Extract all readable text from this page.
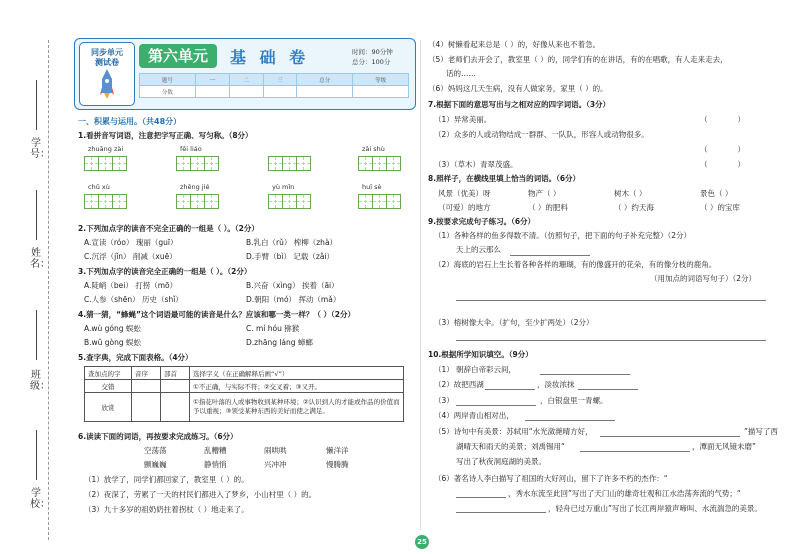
学号：
姓名：
班级：
学校：
同步单元
测试卷	第六单元	基 础 卷	时间：90分钟
总分：100分
题号	一	二	三	总分	等级
分数					
一、积累与运用。（共48分）
1.看拼音写词语，注意把字写正确、写匀称。（8分）
zhuāng zài	fēi liáo	zāi shù
chǔ xù	zhēng jié	yù mǐn	huī sè
2.下列加点字的读音不完全正确的一组是（ ）。（2分）
A.宣读（róo） 瑰丽（guī）	B.乳白（rǔ） 榨柳（zhà）
C.沉浮（jǐn） 削减（xuē）	D.手臂（bì） 记载（zǎi）
3.下列加点字的读音完全正确的一组是（ ）。（2分）
A.陡峭（bei） 打捞（mō）	B.兴奋（xìng） 挨着（āi）
C.人参（shēn） 历史（shǐ）	D.朝阳（mó） 挥动（mǎ）
4.猜一猜，“蜂蝇”这个词语最可能的读音是什么？应该和哪一类一样？（ ）（2分）
A.wù góng 蜈蚣	C. mí hóu 猕猴
B.wǔ gòng 蜈蚣	D.zhāng láng 蟑螂
5.查字典，完成下面表格。（4分）
查加点的字	音序	部首	选择字义（在正确解释后画“√”）
交错			①不正确，与实际不符；②交叉着；③又开。
欣赏			①指花叶落的人或事物收到某种环境；②认识到人的才能或作品的价值而予以重视；③领受某种东西的美好而使之满足。
6.读读下面的词语，再按要求完成练习。（6分）
空荡荡	乱糟糟	闹哄哄	懒洋洋
颤巍巍	静悄悄	兴冲冲	慢腾腾
（1）放学了，同学们都回家了，教室里（ ）的。
（2）夜深了，劳累了一天的村民们都进入了梦乡，小山村里（ ）的。
（3）九十多岁的祖奶奶拄着拐杖（ ）地走来了。
25
（4）树懒看起来总是（ ）的，好像从来也不着急。
（5）老师们去开会了，教室里（ ）的，同学们有的在讲话，有的在唱歌，有人走来走去，
话的……
（6）妈妈这几天生病，没有人做家务，家里（ ）的。
7.根据下面的意思写出与之相对应的四字词语。（3分）
（1）异常美丽。	（　　　　）
（2）众多的人或动物结成一群群、一队队，形容人或动物很多。
（　　　　）
（3）（草木）青翠茂盛。	（　　　　）
8.照样子，在横线里填上恰当的词语。（6分）
风景（优美）呀	物产（ ）	树木（ ）	景色（ ）
（可爱）的地方	（ ）的肥料	（ ）约天海	（ ）的宝库
9.按要求完成句子练习。（6分）
（1）各种各样的鱼多得数不清。（仿照句子，把下面的句子补充完整）（2分）
天上的云那么
（2）海底的岩石上生长着各种各样的珊瑚，有的像盛开的花朵，有的像分枝的鹿角。
（用加点的词语写句子）（2分）
（3）榕树像大伞。（扩句，至少扩两处）（2分）
10.根据所学知识填空。（9分）
（1） 朝辞白帝彩云间，
（2）故把西湖	，淡妆浓抹
（3）	，白银盘里一青螺。
（4）两岸青山相对出，
（5）诗句中有美景：苏轼用“水光潋滟晴方好，	”描写了西
湖晴天和雨天的美景；刘禹锡用“	，潭面无风镜未磨”
写出了秋夜洞庭湖的美景。
（6）著名诗人李白描写了祖国的大好河山，留下了许多不朽的杰作：“
，秀水东流至此回”写出了天门山的雄奇壮观和江水浩荡奔流的气势；“
，轻舟已过万重山”写出了长江两岸猿声啼叫、水流湍急的美景。
